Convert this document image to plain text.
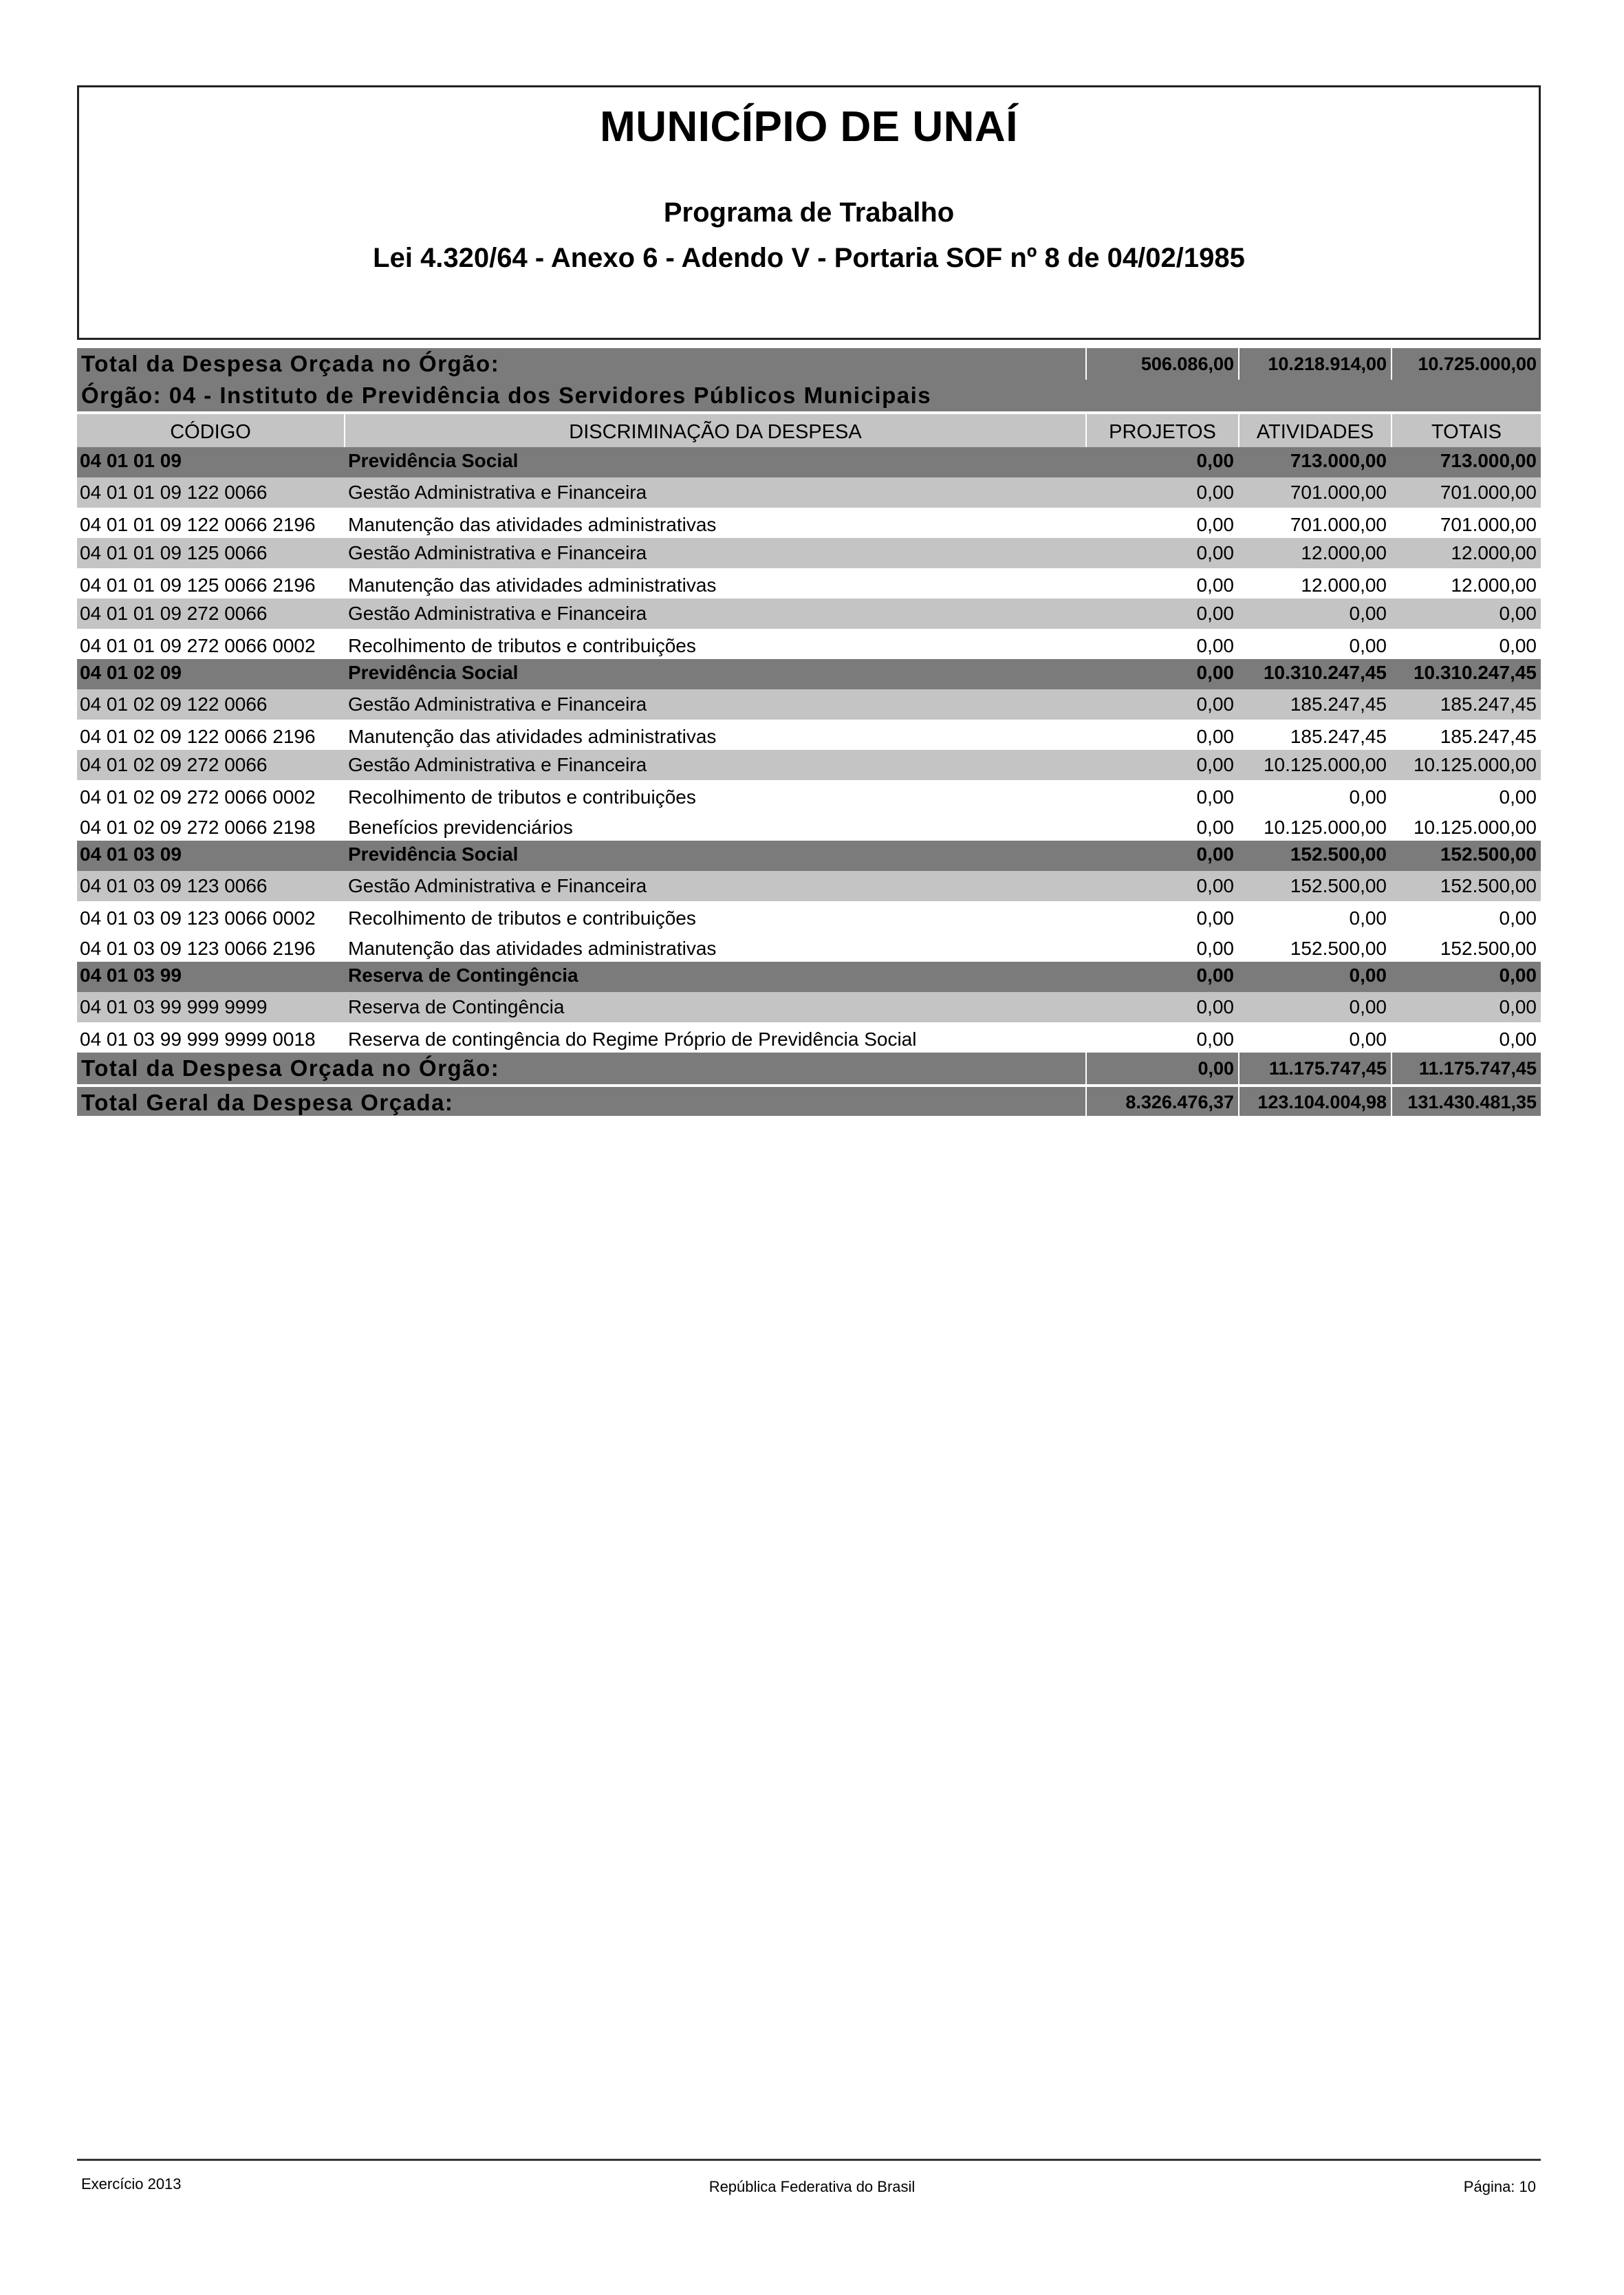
MUNICÍPIO DE UNAÍ
Programa de Trabalho
Lei 4.320/64 - Anexo 6 - Adendo V - Portaria SOF nº 8 de 04/02/1985
Total da Despesa Orçada no Órgão:	506.086,00	10.218.914,00	10.725.000,00
Órgão: 04 - Instituto de Previdência dos Servidores Públicos Municipais
CÓDIGO	DISCRIMINAÇÃO DA DESPESA	PROJETOS	ATIVIDADES	TOTAIS
04 01 01 09	Previdência Social	0,00	713.000,00	713.000,00
04 01 01 09 122 0066	Gestão Administrativa e Financeira	0,00	701.000,00	701.000,00
04 01 01 09 122 0066 2196	Manutenção das atividades administrativas	0,00	701.000,00	701.000,00
04 01 01 09 125 0066	Gestão Administrativa e Financeira	0,00	12.000,00	12.000,00
04 01 01 09 125 0066 2196	Manutenção das atividades administrativas	0,00	12.000,00	12.000,00
04 01 01 09 272 0066	Gestão Administrativa e Financeira	0,00	0,00	0,00
04 01 01 09 272 0066 0002	Recolhimento de tributos e contribuições	0,00	0,00	0,00
04 01 02 09	Previdência Social	0,00	10.310.247,45	10.310.247,45
04 01 02 09 122 0066	Gestão Administrativa e Financeira	0,00	185.247,45	185.247,45
04 01 02 09 122 0066 2196	Manutenção das atividades administrativas	0,00	185.247,45	185.247,45
04 01 02 09 272 0066	Gestão Administrativa e Financeira	0,00	10.125.000,00	10.125.000,00
04 01 02 09 272 0066 0002	Recolhimento de tributos e contribuições	0,00	0,00	0,00
04 01 02 09 272 0066 2198	Benefícios previdenciários	0,00	10.125.000,00	10.125.000,00
04 01 03 09	Previdência Social	0,00	152.500,00	152.500,00
04 01 03 09 123 0066	Gestão Administrativa e Financeira	0,00	152.500,00	152.500,00
04 01 03 09 123 0066 0002	Recolhimento de tributos e contribuições	0,00	0,00	0,00
04 01 03 09 123 0066 2196	Manutenção das atividades administrativas	0,00	152.500,00	152.500,00
04 01 03 99	Reserva de Contingência	0,00	0,00	0,00
04 01 03 99 999 9999	Reserva de Contingência	0,00	0,00	0,00
04 01 03 99 999 9999 0018	Reserva de contingência do Regime Próprio de Previdência Social	0,00	0,00	0,00
Total da Despesa Orçada no Órgão:	0,00	11.175.747,45	11.175.747,45
Total Geral da Despesa Orçada:	8.326.476,37	123.104.004,98	131.430.481,35
Exercício 2013	República Federativa do Brasil	Página: 10
